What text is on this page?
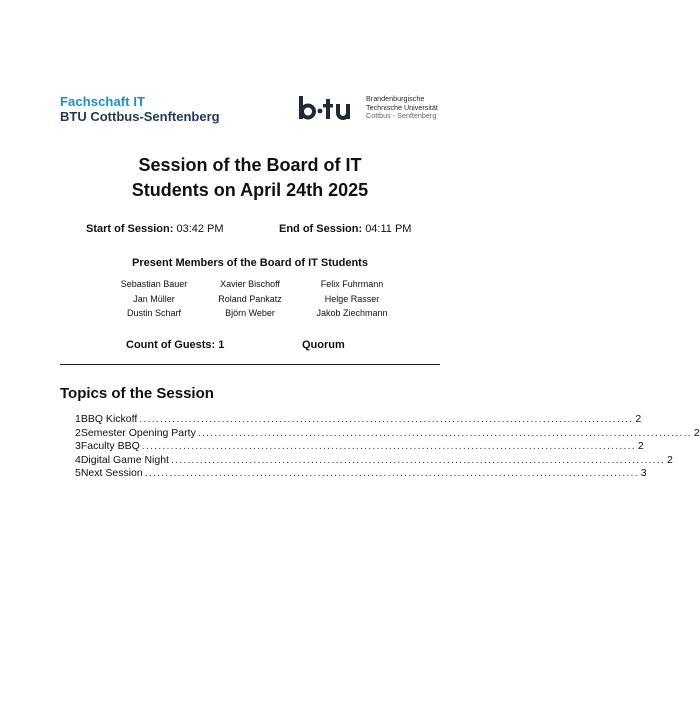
Fachschaft IT
BTU Cottbus-Senftenberg
Brandenburgische
Technische Universität
Cottbus - Senftenberg
Session of the Board of IT
Students on April 24th 2025
Start of Session: 03:42 PM	End of Session: 04:11 PM
Present Members of the Board of IT Students
Sebastian Bauer	Xavier Bischoff	Felix Fuhrmann
Jan Müller	Roland Pankatz	Helge Rasser
Dustin Scharf	Björn Weber	Jakob Ziechmann
Count of Guests: 1	Quorum
Topics of the Session
1 BBQ Kickoff ........................................................................................................................ 2
2 Semester Opening Party ........................................................................................................................ 2
3 Faculty BBQ ........................................................................................................................ 2
4 Digital Game Night ........................................................................................................................ 2
5 Next Session ........................................................................................................................ 3
